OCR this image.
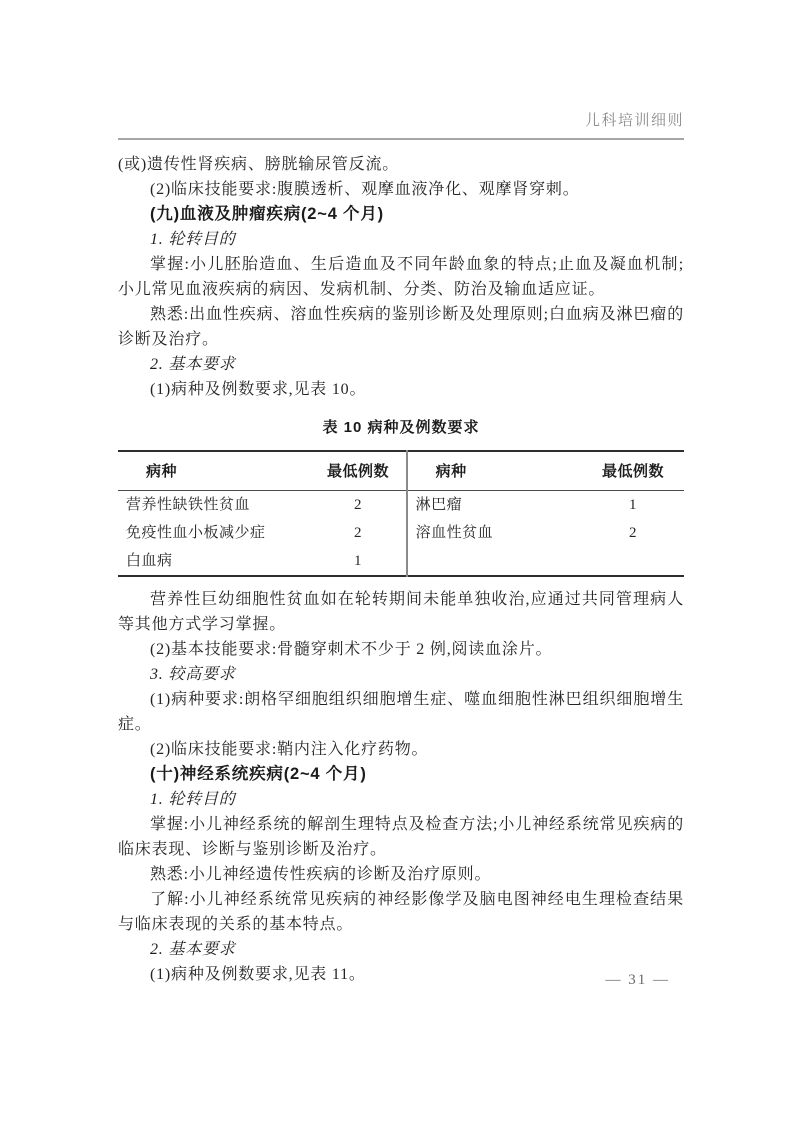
儿科培训细则
(或)遗传性肾疾病、膀胱输尿管反流。
(2)临床技能要求:腹膜透析、观摩血液净化、观摩肾穿刺。
(九)血液及肿瘤疾病(2~4 个月)
1. 轮转目的
掌握:小儿胚胎造血、生后造血及不同年龄血象的特点;止血及凝血机制;小儿常见血液疾病的病因、发病机制、分类、防治及输血适应证。
熟悉:出血性疾病、溶血性疾病的鉴别诊断及处理原则;白血病及淋巴瘤的诊断及治疗。
2. 基本要求
(1)病种及例数要求,见表 10。
表 10 病种及例数要求
病种	最低例数	病种	最低例数
营养性缺铁性贫血	2	淋巴瘤	1
免疫性血小板减少症	2	溶血性贫血	2
白血病	1		
营养性巨幼细胞性贫血如在轮转期间未能单独收治,应通过共同管理病人等其他方式学习掌握。
(2)基本技能要求:骨髓穿刺术不少于 2 例,阅读血涂片。
3. 较高要求
(1)病种要求:朗格罕细胞组织细胞增生症、噬血细胞性淋巴组织细胞增生症。
(2)临床技能要求:鞘内注入化疗药物。
(十)神经系统疾病(2~4 个月)
1. 轮转目的
掌握:小儿神经系统的解剖生理特点及检查方法;小儿神经系统常见疾病的临床表现、诊断与鉴别诊断及治疗。
熟悉:小儿神经遗传性疾病的诊断及治疗原则。
了解:小儿神经系统常见疾病的神经影像学及脑电图神经电生理检查结果与临床表现的关系的基本特点。
2. 基本要求
(1)病种及例数要求,见表 11。	— 31 —
